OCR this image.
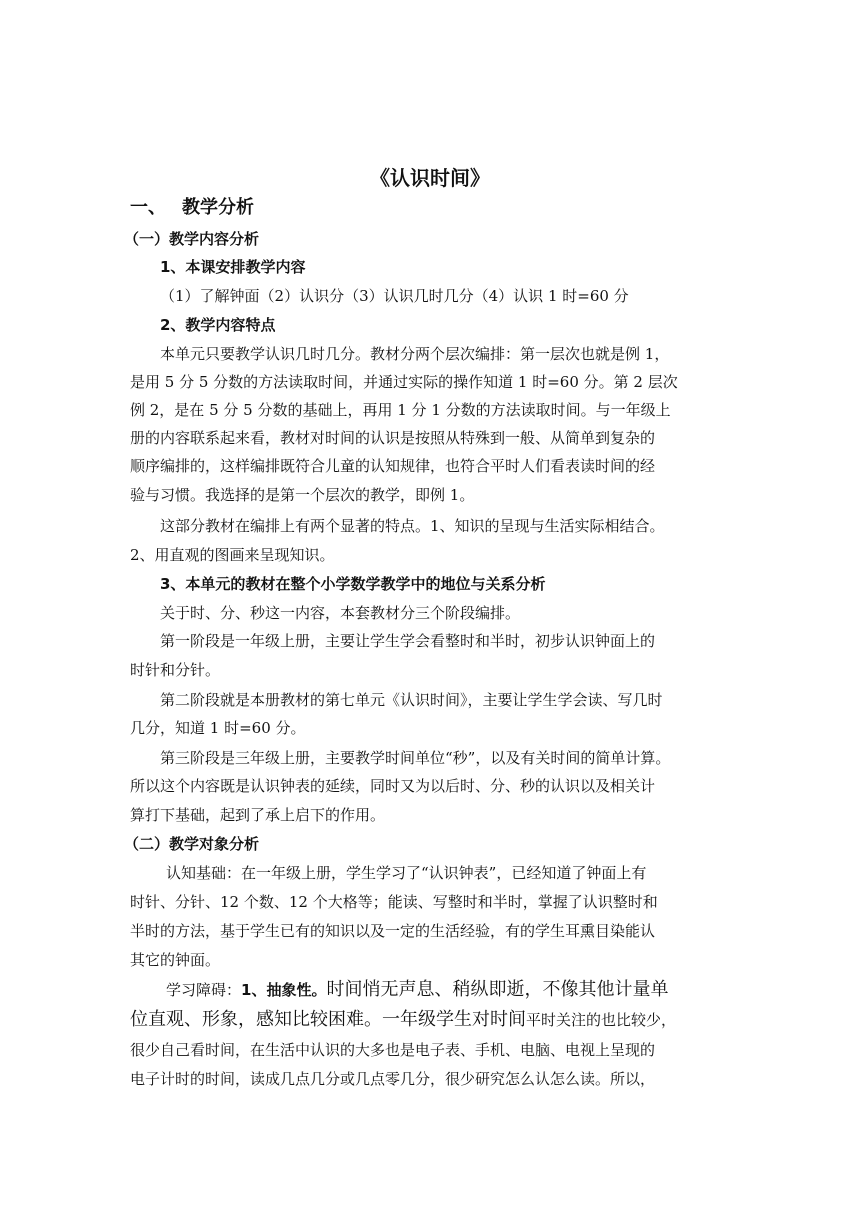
《认识时间》
一、 教学分析
（一）教学内容分析
1、本课安排教学内容
（1）了解钟面（2）认识分（3）认识几时几分（4）认识 1 时=60 分
2、教学内容特点
本单元只要教学认识几时几分。教材分两个层次编排：第一层次也就是例 1，
是用 5 分 5 分数的方法读取时间，并通过实际的操作知道 1 时=60 分。第 2 层次
例 2，是在 5 分 5 分数的基础上，再用 1 分 1 分数的方法读取时间。与一年级上
册的内容联系起来看，教材对时间的认识是按照从特殊到一般、从简单到复杂的
顺序编排的，这样编排既符合儿童的认知规律，也符合平时人们看表读时间的经
验与习惯。我选择的是第一个层次的教学，即例 1。
这部分教材在编排上有两个显著的特点。1、知识的呈现与生活实际相结合。
2、用直观的图画来呈现知识。
3、本单元的教材在整个小学数学教学中的地位与关系分析
关于时、分、秒这一内容，本套教材分三个阶段编排。
第一阶段是一年级上册，主要让学生学会看整时和半时，初步认识钟面上的
时针和分针。
第二阶段就是本册教材的第七单元《认识时间》，主要让学生学会读、写几时
几分，知道 1 时=60 分。
第三阶段是三年级上册，主要教学时间单位“秒”，以及有关时间的简单计算。
所以这个内容既是认识钟表的延续，同时又为以后时、分、秒的认识以及相关计
算打下基础，起到了承上启下的作用。
（二）教学对象分析
认知基础：在一年级上册，学生学习了“认识钟表”，已经知道了钟面上有
时针、分针、12 个数、12 个大格等；能读、写整时和半时，掌握了认识整时和
半时的方法，基于学生已有的知识以及一定的生活经验，有的学生耳熏目染能认
其它的钟面。
学习障碍：1、抽象性。时间悄无声息、稍纵即逝，不像其他计量单
位直观、形象，感知比较困难。一年级学生对时间平时关注的也比较少，
很少自己看时间，在生活中认识的大多也是电子表、手机、电脑、电视上呈现的
电子计时的时间，读成几点几分或几点零几分，很少研究怎么认怎么读。所以，
